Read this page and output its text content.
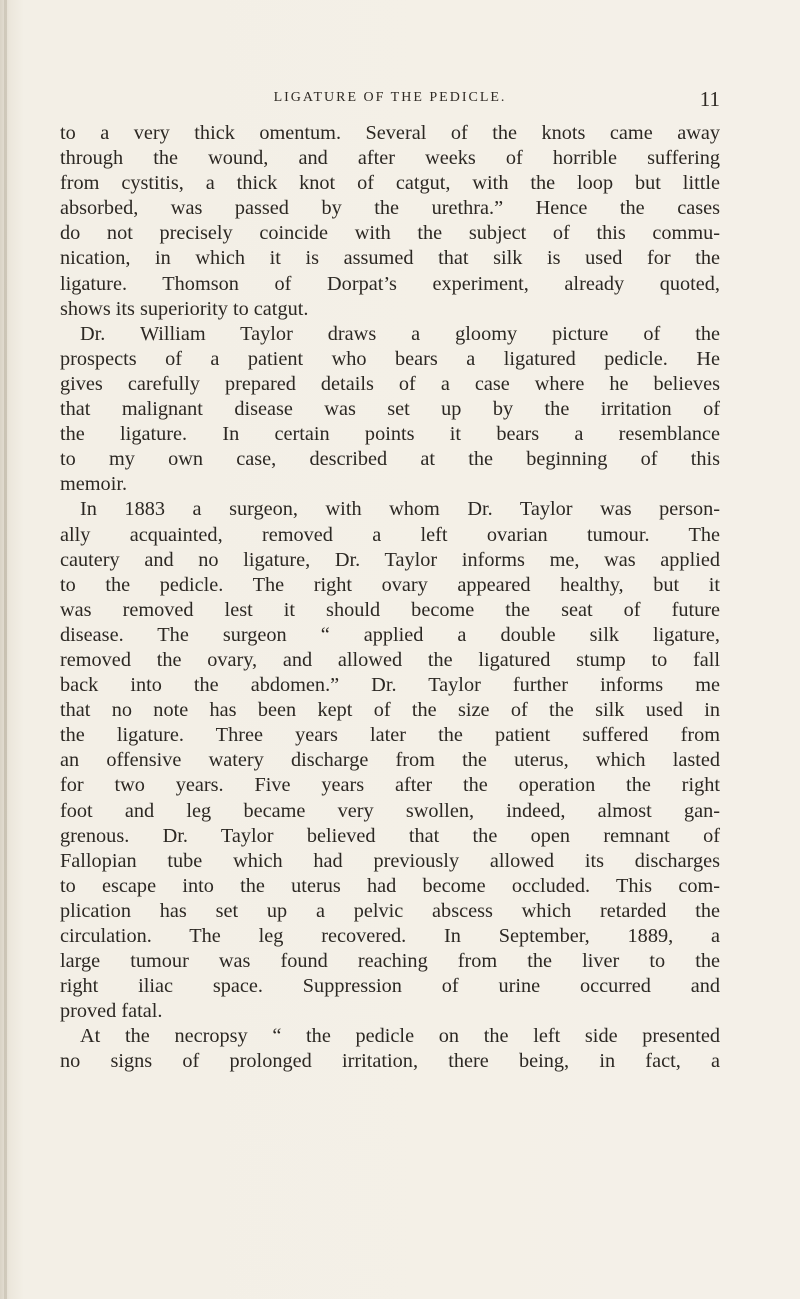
LIGATURE OF THE PEDICLE.	11
to a very thick omentum. Several of the knots came away
through the wound, and after weeks of horrible suffering
from cystitis, a thick knot of catgut, with the loop but little
absorbed, was passed by the urethra.” Hence the cases
do not precisely coincide with the subject of this commu-
nication, in which it is assumed that silk is used for the
ligature. Thomson of Dorpat’s experiment, already quoted,
shows its superiority to catgut.
Dr. William Taylor draws a gloomy picture of the
prospects of a patient who bears a ligatured pedicle. He
gives carefully prepared details of a case where he believes
that malignant disease was set up by the irritation of
the ligature. In certain points it bears a resemblance
to my own case, described at the beginning of this
memoir.
In 1883 a surgeon, with whom Dr. Taylor was person-
ally acquainted, removed a left ovarian tumour. The
cautery and no ligature, Dr. Taylor informs me, was applied
to the pedicle. The right ovary appeared healthy, but it
was removed lest it should become the seat of future
disease. The surgeon “ applied a double silk ligature,
removed the ovary, and allowed the ligatured stump to fall
back into the abdomen.” Dr. Taylor further informs me
that no note has been kept of the size of the silk used in
the ligature. Three years later the patient suffered from
an offensive watery discharge from the uterus, which lasted
for two years. Five years after the operation the right
foot and leg became very swollen, indeed, almost gan-
grenous. Dr. Taylor believed that the open remnant of
Fallopian tube which had previously allowed its discharges
to escape into the uterus had become occluded. This com-
plication has set up a pelvic abscess which retarded the
circulation. The leg recovered. In September, 1889, a
large tumour was found reaching from the liver to the
right iliac space. Suppression of urine occurred and
proved fatal.
At the necropsy “ the pedicle on the left side presented
no signs of prolonged irritation, there being, in fact, a
